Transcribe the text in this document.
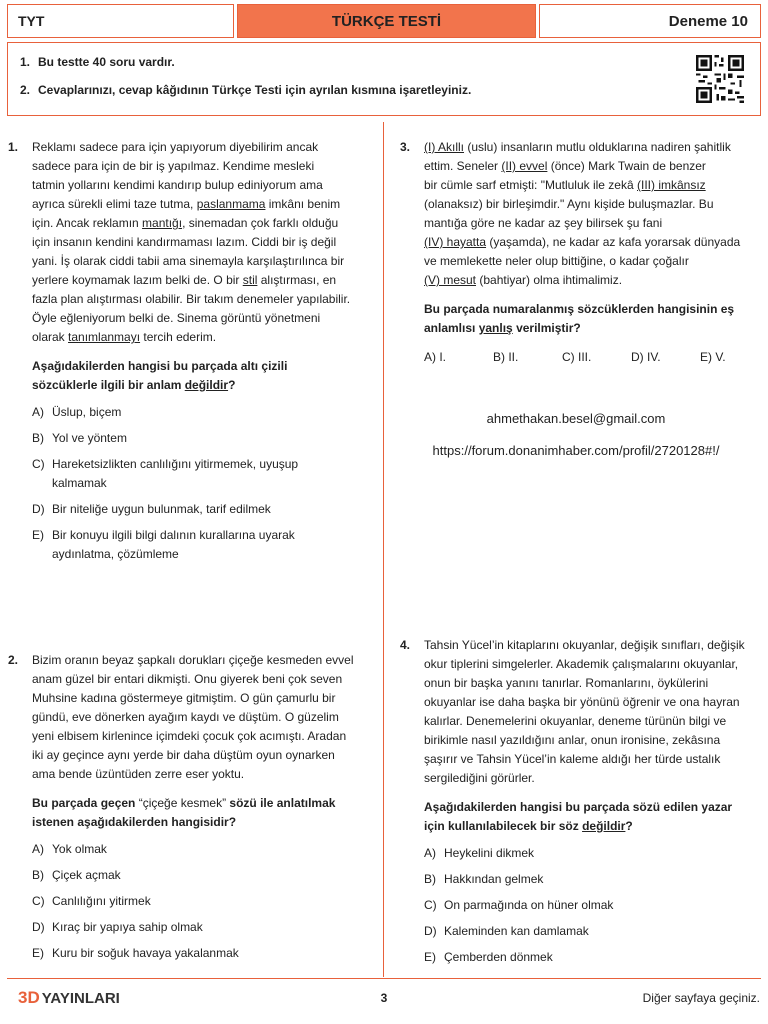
TYT	TÜRKÇE TESTİ	Deneme 10
1. Bu testte 40 soru vardır.
2. Cevaplarınızı, cevap kâğıdının Türkçe Testi için ayrılan kısmına işaretleyiniz.
1. Reklamı sadece para için yapıyorum diyebilirim ancak
sadece para için de bir iş yapılmaz. Kendime mesleki
tatmin yollarını kendimi kandırıp bulup ediniyorum ama
ayrıca sürekli elimi taze tutma, paslanmama imkânı benim
için. Ancak reklamın mantığı, sinemadan çok farklı olduğu
için insanın kendini kandırmaması lazım. Ciddi bir iş değil
yani. İş olarak ciddi tabii ama sinemayla karşılaştırılınca bir
yerlere koymamak lazım belki de. O bir stil alıştırması, en
fazla plan alıştırması olabilir. Bir takım denemeler yapılabilir.
Öyle eğleniyorum belki de. Sinema görüntü yönetmeni
olarak tanımlanmayı tercih ederim.
Aşağıdakilerden hangisi bu parçada altı çizili
sözcüklerle ilgili bir anlam değildir?
A) Üslup, biçem
B) Yol ve yöntem
C) Hareketsizlikten canlılığını yitirmemek, uyuşup
kalmamak
D) Bir niteliğe uygun bulunmak, tarif edilmek
E) Bir konuyu ilgili bilgi dalının kurallarına uyarak
aydınlatma, çözümleme
3. (I) Akıllı (uslu) insanların mutlu olduklarına nadiren şahitlik
ettim. Seneler (II) evvel (önce) Mark Twain de benzer
bir cümle sarf etmişti: "Mutluluk ile zekâ (III) imkânsız
(olanaksız) bir birleşimdir." Aynı kişide buluşmazlar. Bu
mantığa göre ne kadar az şey bilirsek şu fani
(IV) hayatta (yaşamda), ne kadar az kafa yorarsak dünyada
ve memlekette neler olup bittiğine, o kadar çoğalır
(V) mesut (bahtiyar) olma ihtimalimiz.
Bu parçada numaralanmış sözcüklerden hangisinin eş
anlamlısı yanlış verilmiştir?
A) I.	B) II.	C) III.	D) IV.	E) V.
ahmethakan.besel@gmail.com
https://forum.donanimhaber.com/profil/2720128#!/
2. Bizim oranın beyaz şapkalı dorukları çiçeğe kesmeden evvel
anam güzel bir entari dikmişti. Onu giyerek beni çok seven
Muhsine kadına göstermeye gitmiştim. O gün çamurlu bir
gündü, eve dönerken ayağım kaydı ve düştüm. O güzelim
yeni elbisem kirlenince içimdeki çocuk çok acımıştı. Aradan
iki ay geçince aynı yerde bir daha düştüm oyun oynarken
ama bende üzüntüden zerre eser yoktu.
Bu parçada geçen “çiçeğe kesmek” sözü ile anlatılmak
istenen aşağıdakilerden hangisidir?
A) Yok olmak
B) Çiçek açmak
C) Canlılığını yitirmek
D) Kıraç bir yapıya sahip olmak
E) Kuru bir soğuk havaya yakalanmak
4. Tahsin Yücel’in kitaplarını okuyanlar, değişik sınıfları, değişik
okur tiplerini simgelerler. Akademik çalışmalarını okuyanlar,
onun bir başka yanını tanırlar. Romanlarını, öykülerini
okuyanlar ise daha başka bir yönünü öğrenir ve ona hayran
kalırlar. Denemelerini okuyanlar, deneme türünün bilgi ve
birikimle nasıl yazıldığını anlar, onun ironisine, zekâsına
şaşırır ve Tahsin Yücel’in kaleme aldığı her türde ustalık
sergilediğini görürler.
Aşağıdakilerden hangisi bu parçada sözü edilen yazar
için kullanılabilecek bir söz değildir?
A) Heykelini dikmek
B) Hakkından gelmek
C) On parmağında on hüner olmak
D) Kaleminden kan damlamak
E) Çemberden dönmek
3D YAYINLARI	3	Diğer sayfaya geçiniz.
